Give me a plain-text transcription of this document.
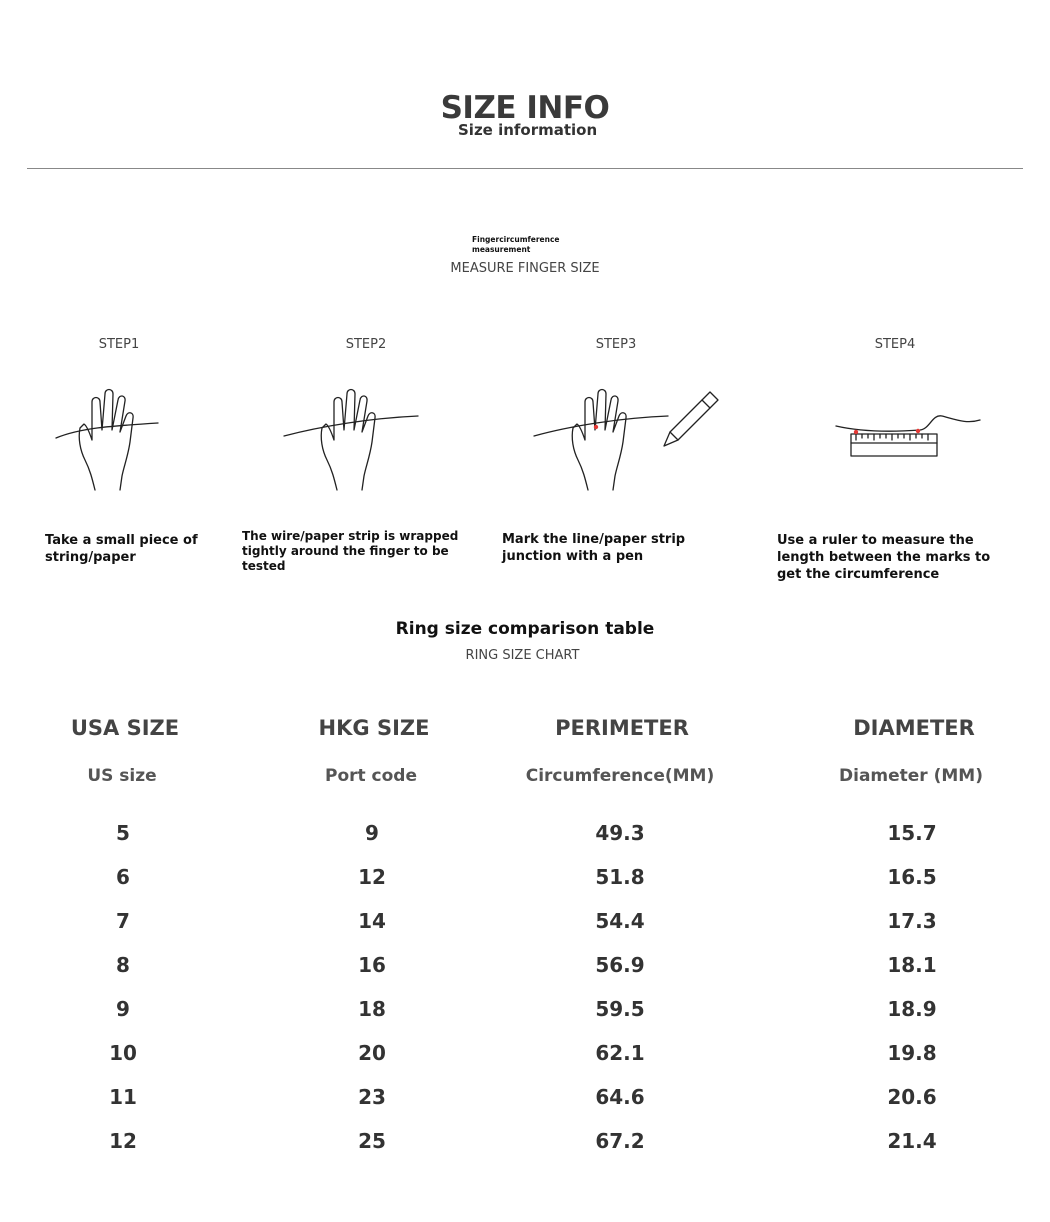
SIZE INFO
Size information
Fingercircumference measurement
MEASURE FINGER SIZE
STEP1	STEP2	STEP3	STEP4
Take a small piece of string/paper
The wire/paper strip is wrapped tightly around the finger to be tested
Mark the line/paper strip junction with a pen
Use a ruler to measure the length between the marks to get the circumference
Ring size comparison table
RING SIZE CHART
USA SIZE	HKG SIZE	PERIMETER	DIAMETER
US size	Port code	Circumference(MM)	Diameter (MM)
5	9	49.3	15.7
6	12	51.8	16.5
7	14	54.4	17.3
8	16	56.9	18.1
9	18	59.5	18.9
10	20	62.1	19.8
11	23	64.6	20.6
12	25	67.2	21.4
